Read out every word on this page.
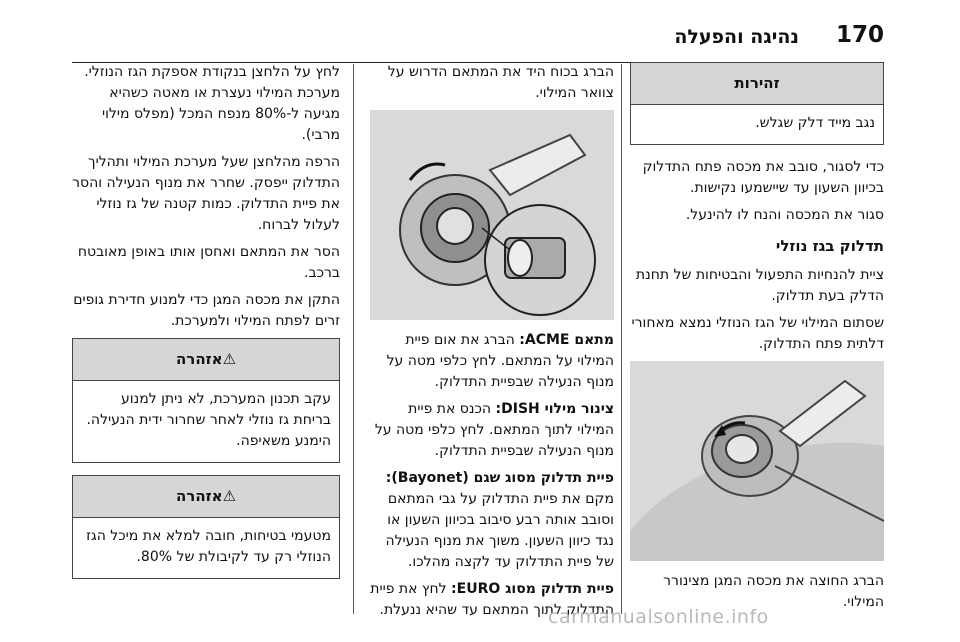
170
נהיגה והפעלה
זהירות
נגב מייד דלק שגלש.

כדי לסגור, סובב את מכסה פתח התדלוק בכיוון השעון עד שיישמעו נקישות.

סגור את המכסה והנח לו להינעל.

תדלוק בגז נוזלי

ציית להנחיות התפעול והבטיחות של תחנת הדלק בעת תדלוק.

שסתום המילוי של הגז הנוזלי נמצא מאחורי דלתית פתח התדלוק.

הברג החוצה את מכסה המגן מצינורר המילוי.

הברג בכוח היד את המתאם הדרוש על צוואר המילוי.

מתאם ACME: הברג את אום פיית המילוי על המתאם. לחץ כלפי מטה על מנוף הנעילה שבפיית התדלוק.

צינור מילוי DISH: הכנס את פיית המילוי לתוך המתאם. לחץ כלפי מטה על מנוף הנעילה שבפיית התדלוק.

פיית תדלוק מסוג שגם (Bayonet): מקם את פיית התדלוק על גבי המתאם וסובב אותה רבע סיבוב בכיוון השעון או נגד כיוון השעון. משוך את מנוף הנעילה של פיית התדלוק עד לקצה מהלכו.

פיית תדלוק מסוג EURO: לחץ את פיית התדלוק לתוך המתאם עד שהיא ננעלת.

לחץ על הלחצן בנקודת אספקת הגז הנוזלי. מערכת המילוי נעצרת או מאטה כשהיא מגיעה ל-80% מנפח המכל (מפלס מילוי מרבי).

הרפה מהלחצן שעל מערכת המילוי ותהליך התדלוק ייפסק. שחרר את מנוף הנעילה והסר את פיית התדלוק. כמות קטנה של גז נוזלי לעלול לברוח.

הסר את המתאם ואחסן אותו באופן מאובטח ברכב.

התקן את מכסה המגן כדי למנוע חדירת גופים זרים לפתח המילוי ולמערכת.

⚠אזהרה
עקב תכנון המערכת, לא ניתן למנוע בריחת גז נוזלי לאחר שחרור ידית הנעילה. הימנע משאיפה.
⚠אזהרה
מטעמי בטיחות, חובה למלא את מיכל הגז הנוזלי רק עד לקיבולת של 80%.
carmanualsonline.info
